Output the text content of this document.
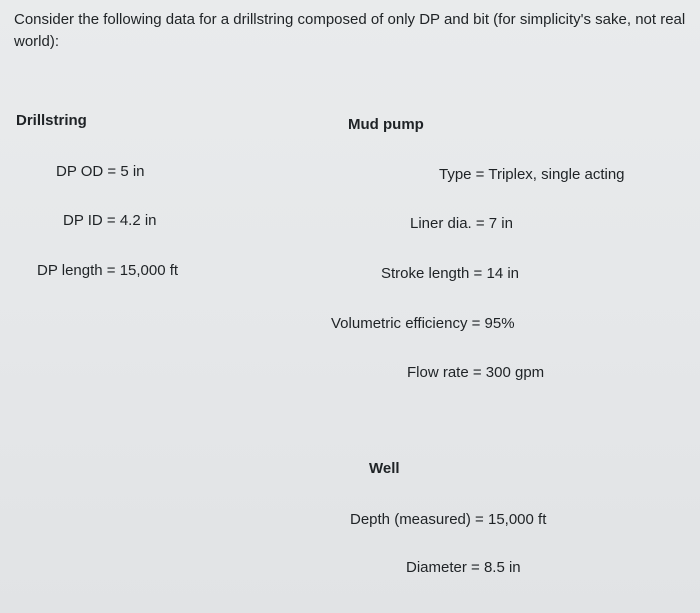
Consider the following data for a drillstring composed of only DP and bit (for simplicity's sake, not real world):
Drillstring
DP OD = 5 in
DP ID = 4.2 in
DP length = 15,000 ft
Mud pump
Type = Triplex, single acting
Liner dia. = 7 in
Stroke length = 14 in
Volumetric efficiency = 95%
Flow rate = 300 gpm
Well
Depth (measured) = 15,000 ft
Diameter = 8.5 in
